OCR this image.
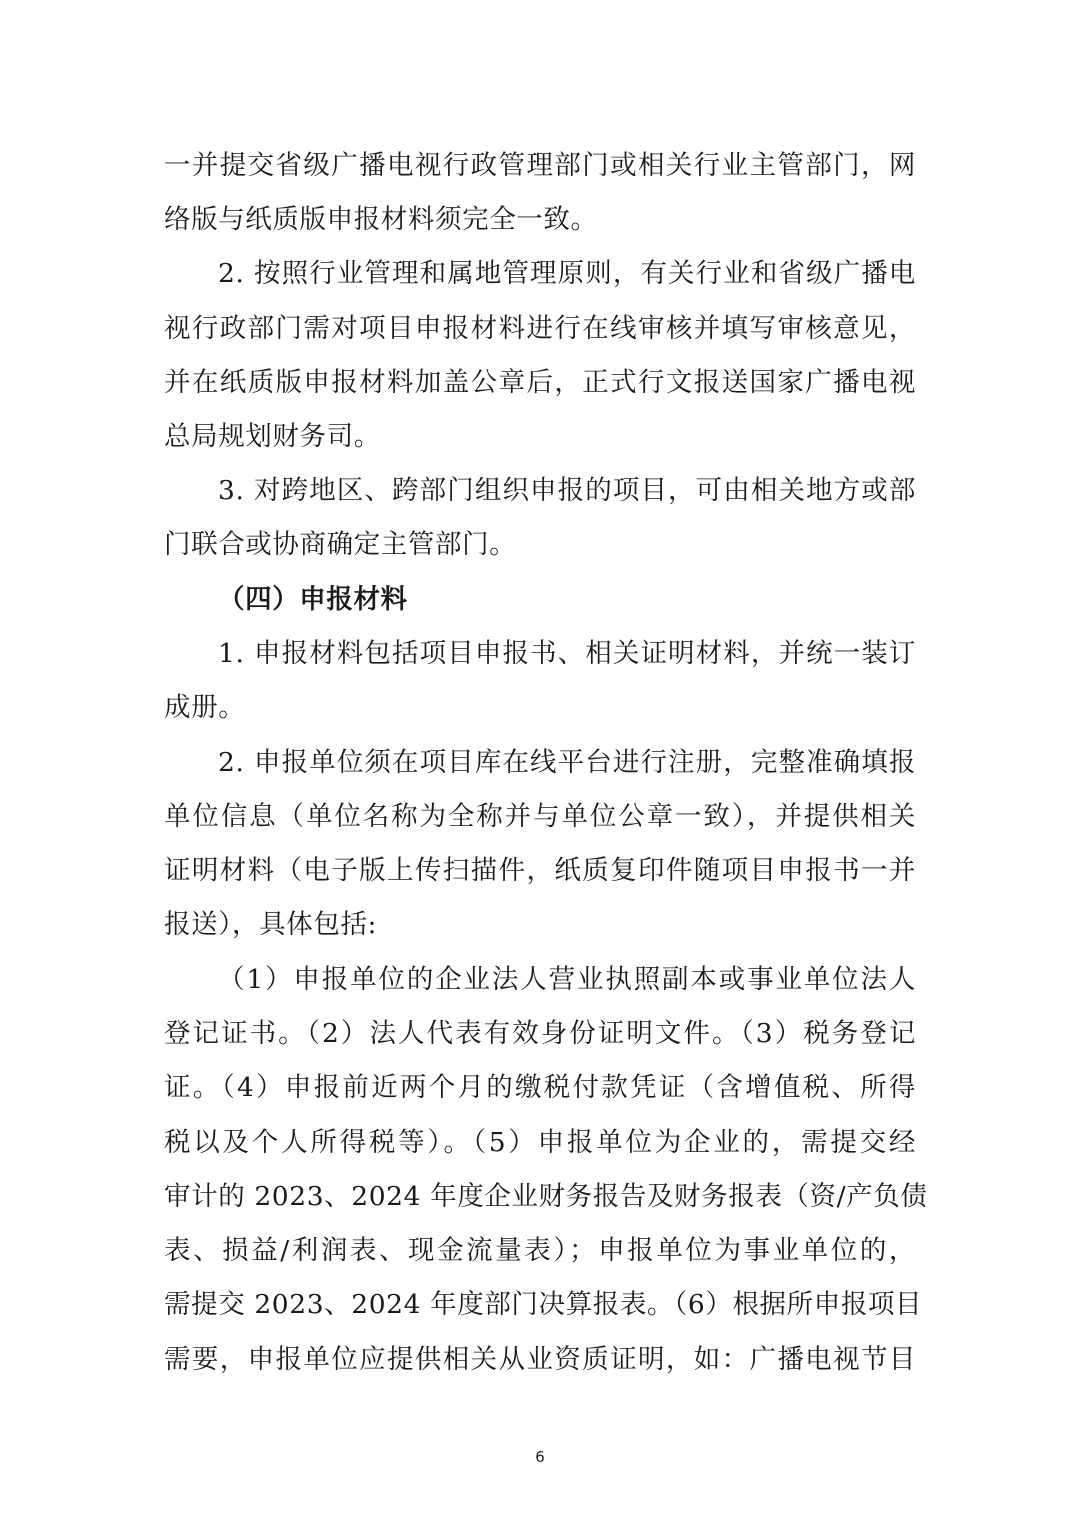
一并提交省级广播电视行政管理部门或相关行业主管部门，网
络版与纸质版申报材料须完全一致。
2. 按照行业管理和属地管理原则，有关行业和省级广播电
视行政部门需对项目申报材料进行在线审核并填写审核意见，
并在纸质版申报材料加盖公章后，正式行文报送国家广播电视
总局规划财务司。
3. 对跨地区、跨部门组织申报的项目，可由相关地方或部
门联合或协商确定主管部门。
（四）申报材料
1. 申报材料包括项目申报书、相关证明材料，并统一装订
成册。
2. 申报单位须在项目库在线平台进行注册，完整准确填报
单位信息（单位名称为全称并与单位公章一致），并提供相关
证明材料（电子版上传扫描件，纸质复印件随项目申报书一并
报送），具体包括:
（1）申报单位的企业法人营业执照副本或事业单位法人
登记证书。（2）法人代表有效身份证明文件。（3）税务登记
证。（4）申报前近两个月的缴税付款凭证（含增值税、所得
税以及个人所得税等）。（5）申报单位为企业的，需提交经
审计的 2023、2024 年度企业财务报告及财务报表（资/产负债
表、损益/利润表、现金流量表）；申报单位为事业单位的，
需提交 2023、2024 年度部门决算报表。（6）根据所申报项目
需要，申报单位应提供相关从业资质证明，如：广播电视节目
6
